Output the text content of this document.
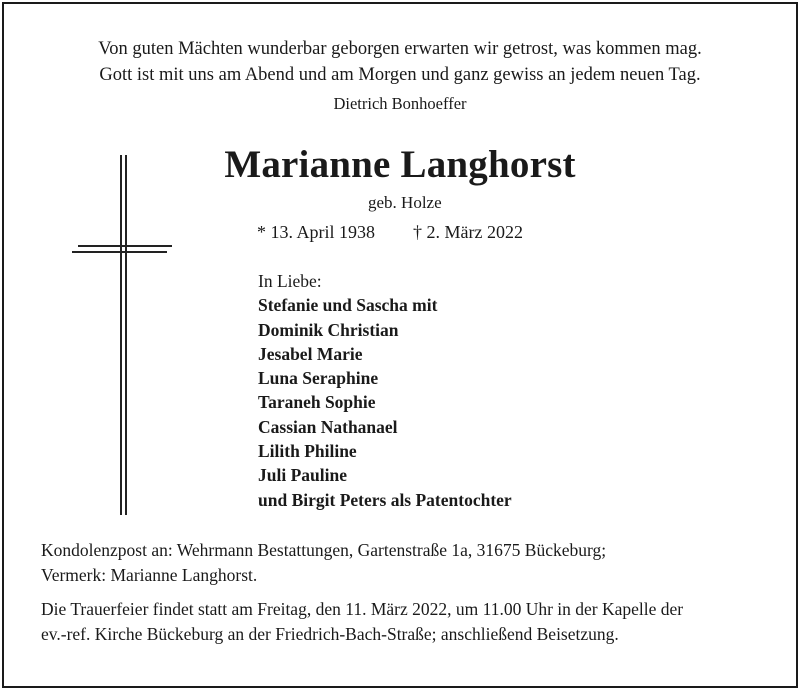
Von guten Mächten wunderbar geborgen erwarten wir getrost, was kommen mag.
Gott ist mit uns am Abend und am Morgen und ganz gewiss an jedem neuen Tag.
Dietrich Bonhoeffer
Marianne Langhorst
geb. Holze
* 13. April 1938 † 2. März 2022
In Liebe:
Stefanie und Sascha mit
Dominik Christian
Jesabel Marie
Luna Seraphine
Taraneh Sophie
Cassian Nathanael
Lilith Philine
Juli Pauline
und Birgit Peters als Patentochter
Kondolenzpost an: Wehrmann Bestattungen, Gartenstraße 1a, 31675 Bückeburg;
Vermerk: Marianne Langhorst.
Die Trauerfeier findet statt am Freitag, den 11. März 2022, um 11.00 Uhr in der Kapelle der
ev.-ref. Kirche Bückeburg an der Friedrich-Bach-Straße; anschließend Beisetzung.
